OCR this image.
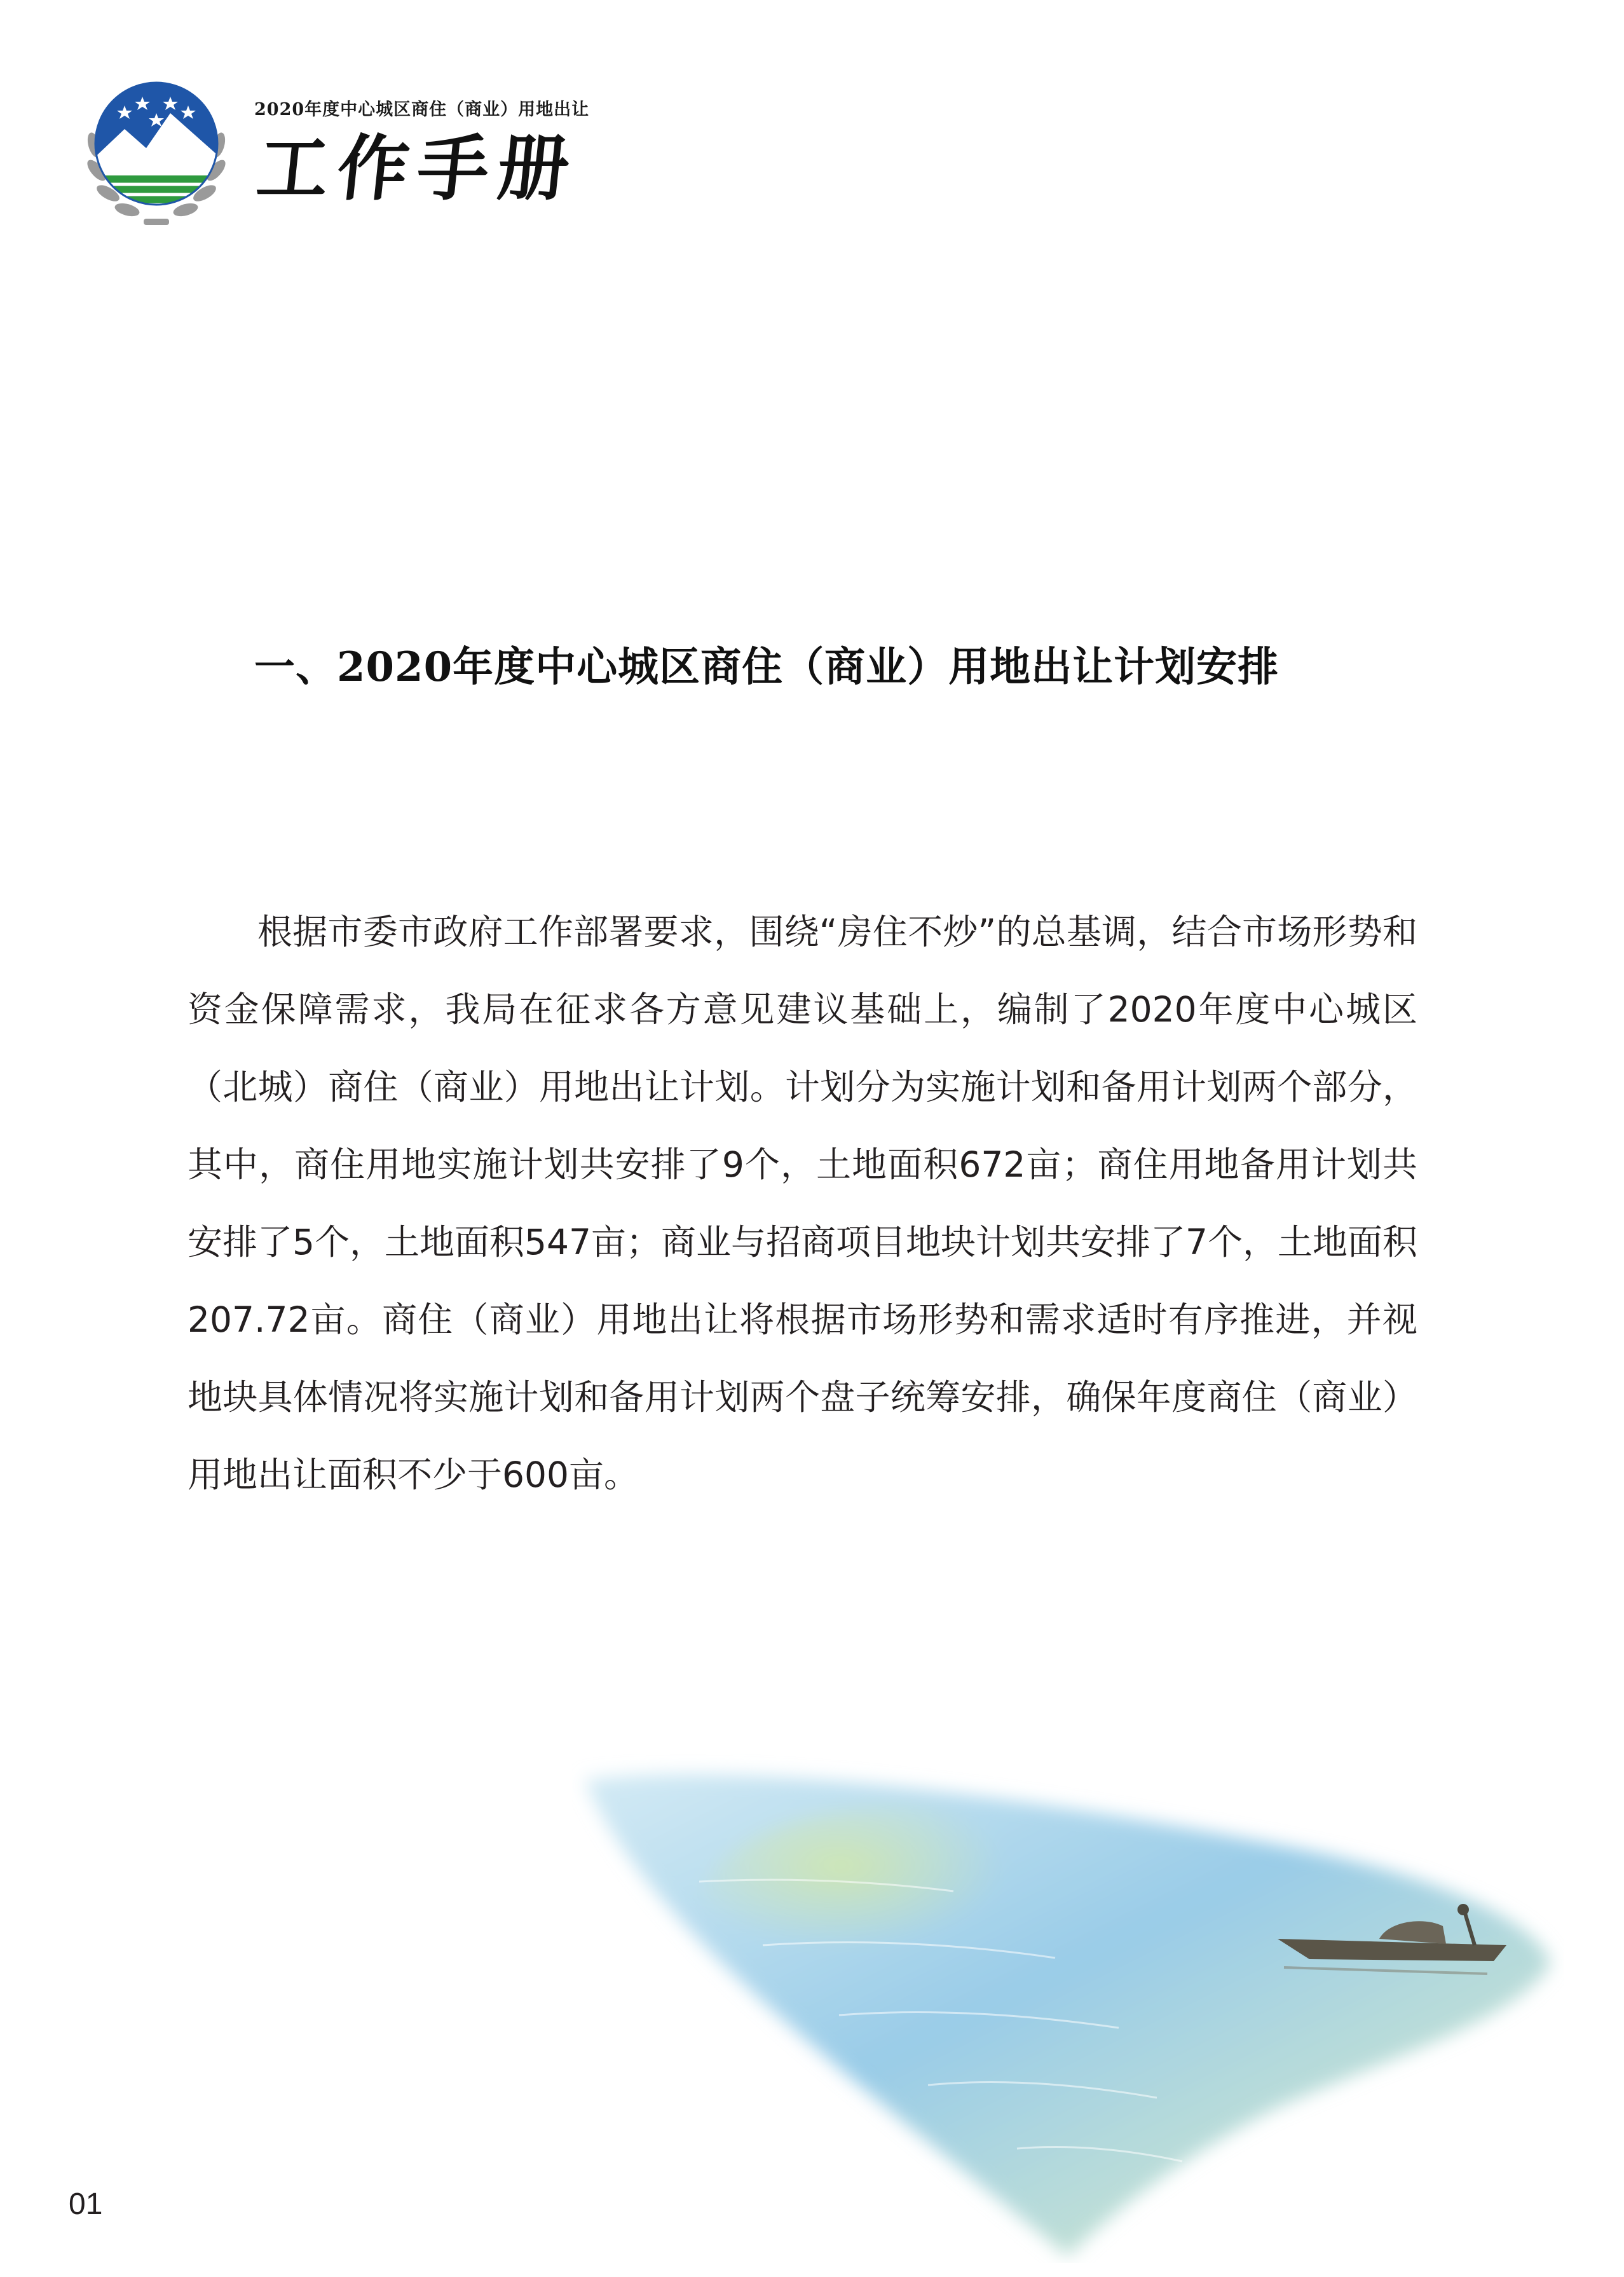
2020年度中心城区商住（商业）用地出让
工作手册
一、2020年度中心城区商住（商业）用地出让计划安排

根据市委市政府工作部署要求，围绕“房住不炒”的总基调，结合市场形势和资金保障需求，我局在征求各方意见建议基础上，编制了2020年度中心城区（北城）商住（商业）用地出让计划。计划分为实施计划和备用计划两个部分，其中，商住用地实施计划共安排了9个，土地面积672亩；商住用地备用计划共安排了5个，土地面积547亩；商业与招商项目地块计划共安排了7个，土地面积207.72亩。商住（商业）用地出让将根据市场形势和需求适时有序推进，并视地块具体情况将实施计划和备用计划两个盘子统筹安排，确保年度商住（商业）用地出让面积不少于600亩。

01
